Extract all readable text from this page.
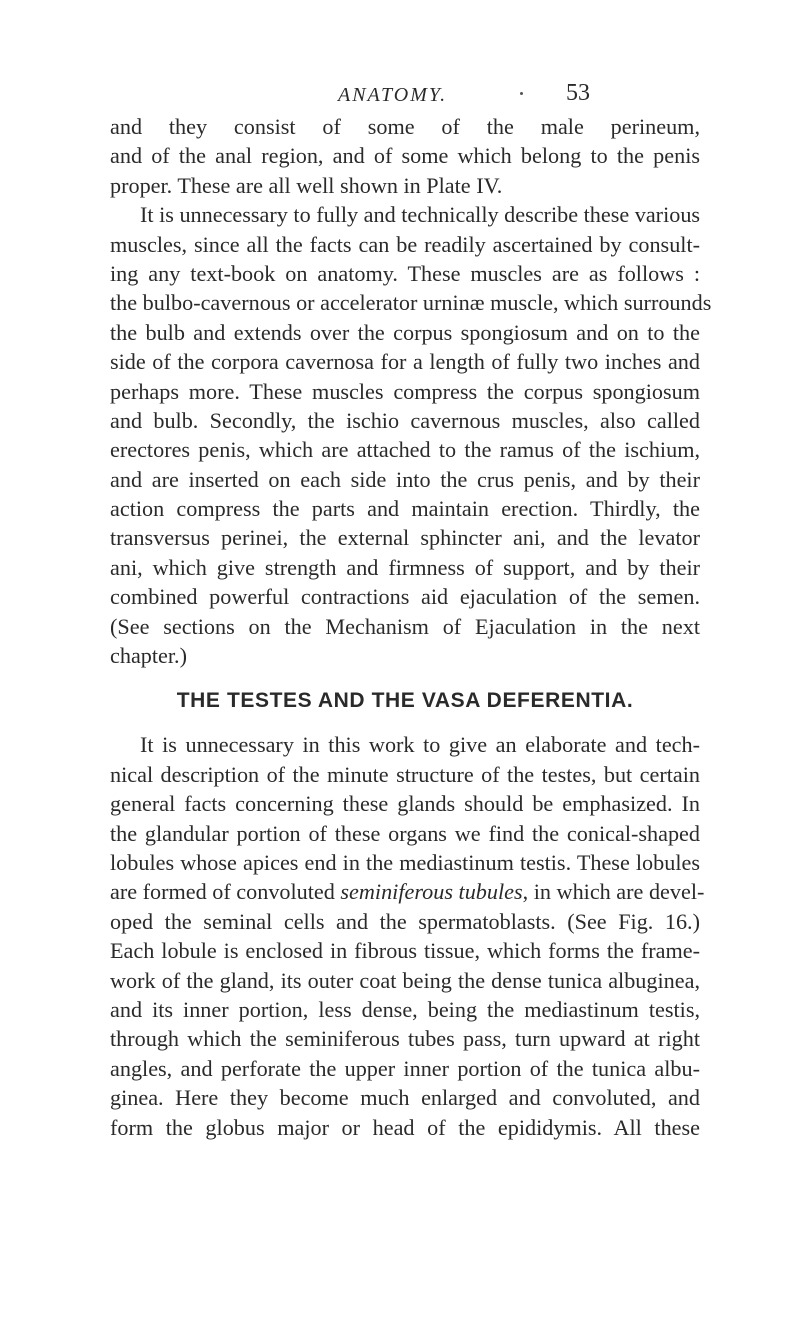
ANATOMY.	53
and they consist of some of the male perineum,
and of the anal region, and of some which belong to the penis
proper. These are all well shown in Plate IV.
It is unnecessary to fully and technically describe these various
muscles, since all the facts can be readily ascertained by consult-
ing any text-book on anatomy. These muscles are as follows :
the bulbo-cavernous or accelerator urninæ muscle, which surrounds
the bulb and extends over the corpus spongiosum and on to the
side of the corpora cavernosa for a length of fully two inches and
perhaps more. These muscles compress the corpus spongiosum
and bulb. Secondly, the ischio cavernous muscles, also called
erectores penis, which are attached to the ramus of the ischium,
and are inserted on each side into the crus penis, and by their
action compress the parts and maintain erection. Thirdly, the
transversus perinei, the external sphincter ani, and the levator
ani, which give strength and firmness of support, and by their
combined powerful contractions aid ejaculation of the semen.
(See sections on the Mechanism of Ejaculation in the next
chapter.)
THE TESTES AND THE VASA DEFERENTIA.
It is unnecessary in this work to give an elaborate and tech-
nical description of the minute structure of the testes, but certain
general facts concerning these glands should be emphasized. In
the glandular portion of these organs we find the conical-shaped
lobules whose apices end in the mediastinum testis. These lobules
are formed of convoluted seminiferous tubules, in which are devel-
oped the seminal cells and the spermatoblasts. (See Fig. 16.)
Each lobule is enclosed in fibrous tissue, which forms the frame-
work of the gland, its outer coat being the dense tunica albuginea,
and its inner portion, less dense, being the mediastinum testis,
through which the seminiferous tubes pass, turn upward at right
angles, and perforate the upper inner portion of the tunica albu-
ginea. Here they become much enlarged and convoluted, and
form the globus major or head of the epididymis. All these
